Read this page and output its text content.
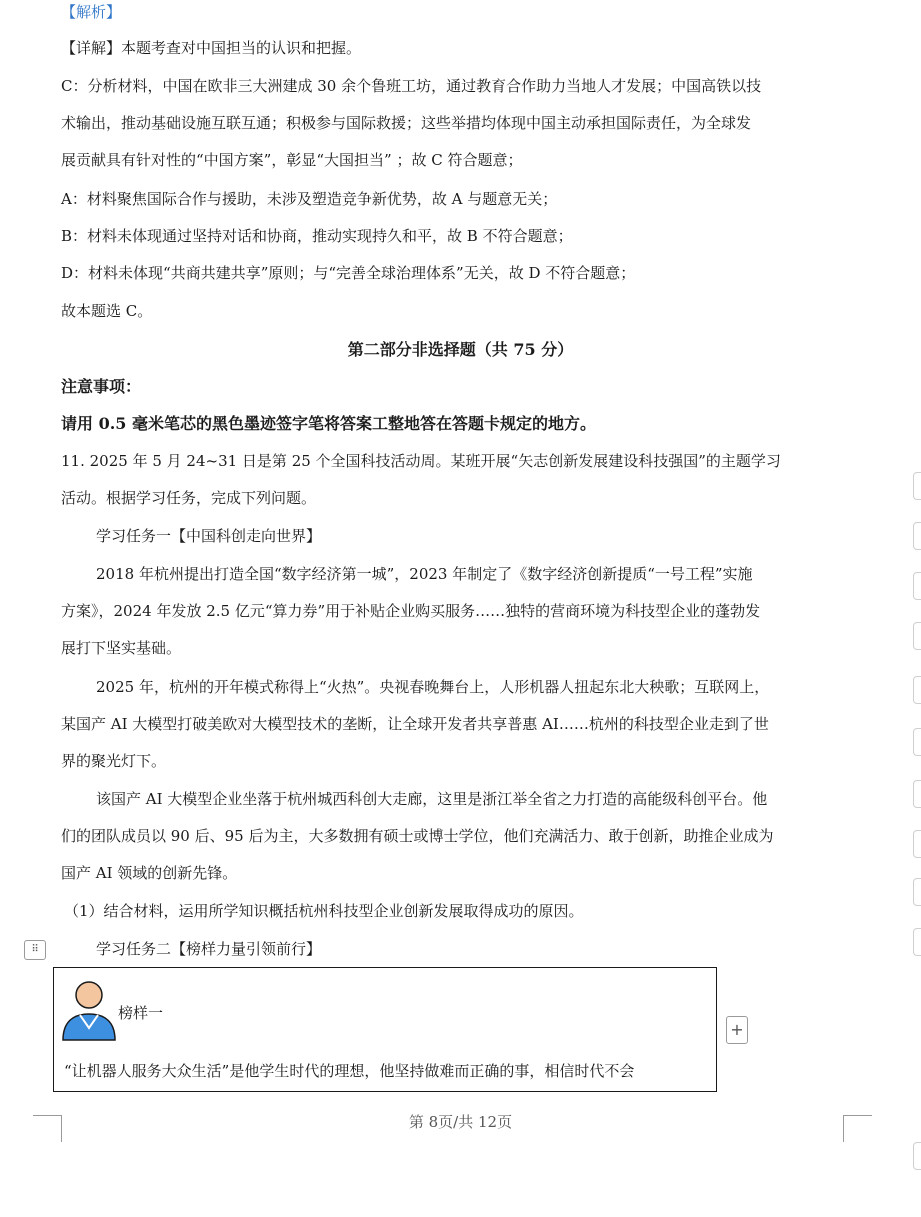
【解析】
【详解】本题考查对中国担当的认识和把握。
C：分析材料，中国在欧非三大洲建成 30 余个鲁班工坊，通过教育合作助力当地人才发展；中国高铁以技
术输出，推动基础设施互联互通；积极参与国际救援；这些举措均体现中国主动承担国际责任，为全球发
展贡献具有针对性的“中国方案”，彰显“大国担当” ；故 C 符合题意；
A：材料聚焦国际合作与援助，未涉及塑造竞争新优势，故 A 与题意无关；
B：材料未体现通过坚持对话和协商，推动实现持久和平，故 B 不符合题意；
D：材料未体现“共商共建共享”原则；与“完善全球治理体系”无关，故 D 不符合题意；
故本题选 C。
第二部分非选择题（共 75 分）
注意事项：
请用 0.5 毫米笔芯的黑色墨迹签字笔将答案工整地答在答题卡规定的地方。
11. 2025 年 5 月 24~31 日是第 25 个全国科技活动周。某班开展“矢志创新发展建设科技强国”的主题学习
活动。根据学习任务，完成下列问题。
学习任务一【中国科创走向世界】
2018 年杭州提出打造全国“数字经济第一城”，2023 年制定了《数字经济创新提质“一号工程”实施
方案》，2024 年发放 2.5 亿元“算力券”用于补贴企业购买服务……独特的营商环境为科技型企业的蓬勃发
展打下坚实基础。
2025 年，杭州的开年模式称得上“火热”。央视春晚舞台上，人形机器人扭起东北大秧歌；互联网上，
某国产 AI 大模型打破美欧对大模型技术的垄断，让全球开发者共享普惠 AI……杭州的科技型企业走到了世
界的聚光灯下。
该国产 AI 大模型企业坐落于杭州城西科创大走廊，这里是浙江举全省之力打造的高能级科创平台。他
们的团队成员以 90 后、95 后为主，大多数拥有硕士或博士学位，他们充满活力、敢于创新，助推企业成为
国产 AI 领域的创新先锋。
（1）结合材料，运用所学知识概括杭州科技型企业创新发展取得成功的原因。
⠿	学习任务二【榜样力量引领前行】
榜样一
“让机器人服务大众生活”是他学生时代的理想，他坚持做难而正确的事，相信时代不会
+
第 8页/共 12页
